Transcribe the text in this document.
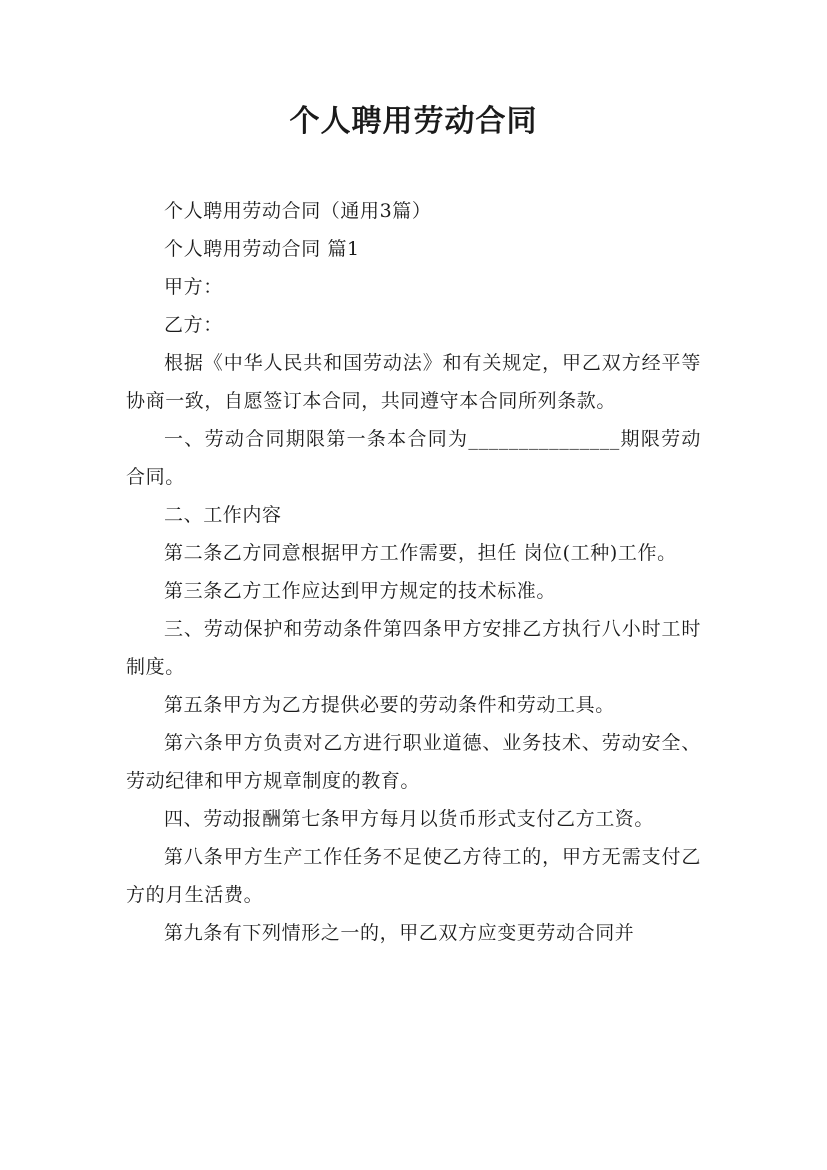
个人聘用劳动合同

个人聘用劳动合同（通用3篇）

个人聘用劳动合同 篇1

甲方：

乙方：

根据《中华人民共和国劳动法》和有关规定，甲乙双方经平等协商一致，自愿签订本合同，共同遵守本合同所列条款。

一、劳动合同期限第一条本合同为_______________期限劳动合同。

二、工作内容

第二条乙方同意根据甲方工作需要，担任 岗位(工种)工作。

第三条乙方工作应达到甲方规定的技术标准。

三、劳动保护和劳动条件第四条甲方安排乙方执行八小时工时制度。

第五条甲方为乙方提供必要的劳动条件和劳动工具。

第六条甲方负责对乙方进行职业道德、业务技术、劳动安全、劳动纪律和甲方规章制度的教育。

四、劳动报酬第七条甲方每月以货币形式支付乙方工资。

第八条甲方生产工作任务不足使乙方待工的，甲方无需支付乙方的月生活费。

第九条有下列情形之一的，甲乙双方应变更劳动合同并
